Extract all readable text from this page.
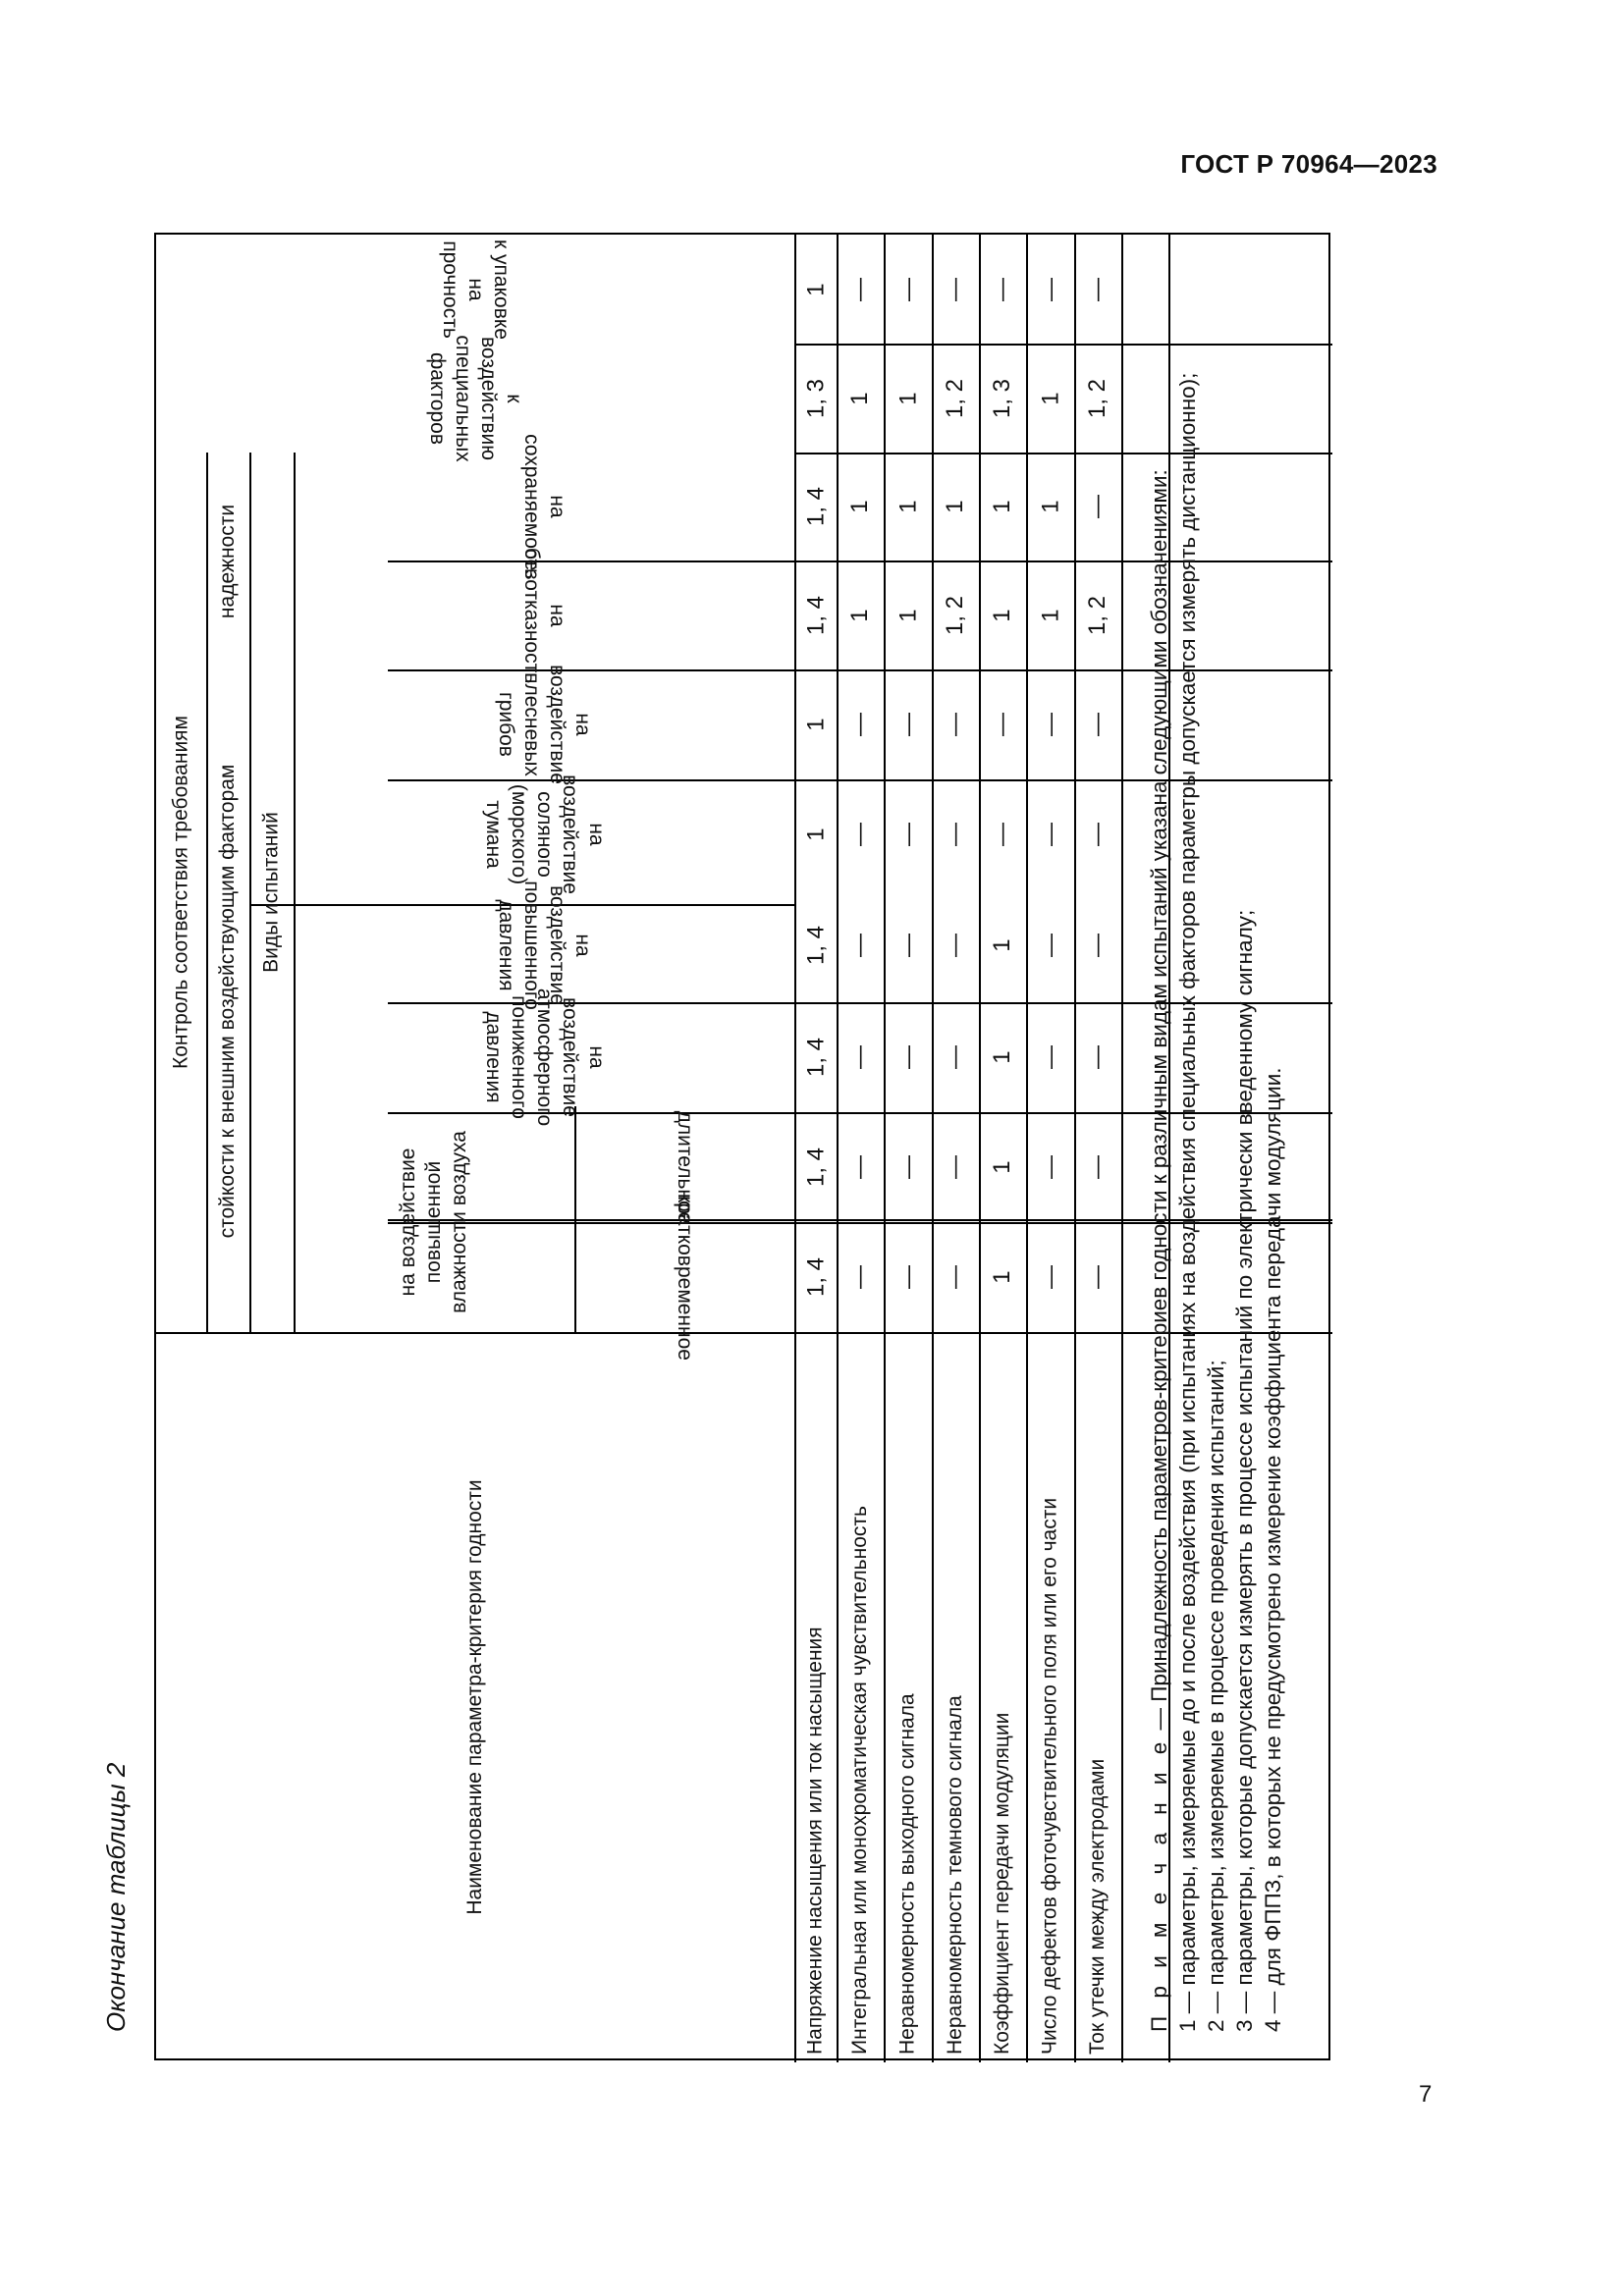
ГОСТ Р 70964—2023
Окончание таблицы 2
к упаковке на прочность
к воздействию специальных факторов
Контроль соответствия требованиям стойкости к внешним воздействующим факторам
надежности
Виды испытаний
на сохраняемость
на безотказность
на воздействие плесневых грибов
на воздействие соляного (морского) тумана
на воздействие повышенного давления
на воздействие атмосферного пониженного давления
на воздействие повышенной влажности воздуха	длительное
кратковременное
Наименование параметра-критерия годности	Напряжение насыщения или ток насыщения Интегральная или монохроматическая чувствительность Неравномерность выходного сигнала Неравномерность темнового сигнала Коэффициент передачи модуляции Число дефектов фоточувствительного поля или его части Ток утечки между электродами
1, 4
1, 4
1, 4
1, 4
1
1
1, 4
1, 4
1, 3
1
—
—
—
—
—
—
1
1
1
—
—
—
—
—
—
—
1
1
1
—
—
—
—
—
—
—
1, 2
1
1, 2
—
1
1
1
1
—
—
1
1
1, 3
—
—
—
—
—
—
—
1
1
1
—
—
—
—
—
—
—
1, 2
—
1, 2
—

П р и м е ч а н и е — Принадлежность параметров-критериев годности к различным видам испытаний указана следующими обозначениями: 1 — параметры, измеряемые до и после воздействия (при испытаниях на воздействия специальных факторов параметры допускается измерять дистанционно); 2 — параметры, измеряемые в процессе проведения испытаний; 3 — параметры, которые допускается измерять в процессе испытаний по электрически введенному сигналу; 4 — для ФППЗ, в которых не предусмотрено измерение коэффициента передачи модуляции.

7
